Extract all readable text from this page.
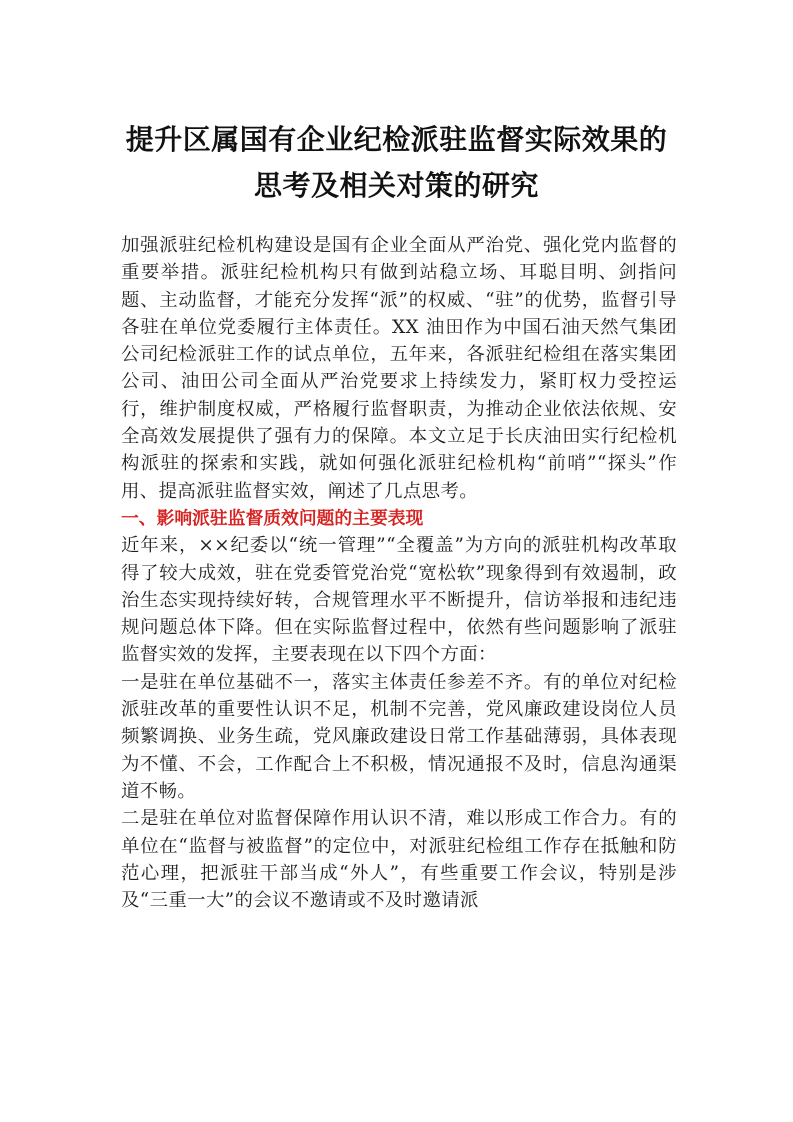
提升区属国有企业纪检派驻监督实际效果的
思考及相关对策的研究

加强派驻纪检机构建设是国有企业全面从严治党、强化党内监督的重要举措。派驻纪检机构只有做到站稳立场、耳聪目明、剑指问题、主动监督，才能充分发挥“派”的权威、“驻”的优势，监督引导各驻在单位党委履行主体责任。XX 油田作为中国石油天然气集团公司纪检派驻工作的试点单位，五年来，各派驻纪检组在落实集团公司、油田公司全面从严治党要求上持续发力，紧盯权力受控运行，维护制度权威，严格履行监督职责，为推动企业依法依规、安全高效发展提供了强有力的保障。本文立足于长庆油田实行纪检机构派驻的探索和实践，就如何强化派驻纪检机构“前哨”“探头”作用、提高派驻监督实效，阐述了几点思考。

一、影响派驻监督质效问题的主要表现

近年来，××纪委以“统一管理”“全覆盖”为方向的派驻机构改革取得了较大成效，驻在党委管党治党“宽松软”现象得到有效遏制，政治生态实现持续好转，合规管理水平不断提升，信访举报和违纪违规问题总体下降。但在实际监督过程中，依然有些问题影响了派驻监督实效的发挥，主要表现在以下四个方面：

一是驻在单位基础不一，落实主体责任参差不齐。有的单位对纪检派驻改革的重要性认识不足，机制不完善，党风廉政建设岗位人员频繁调换、业务生疏，党风廉政建设日常工作基础薄弱，具体表现为不懂、不会，工作配合上不积极，情况通报不及时，信息沟通渠道不畅。

二是驻在单位对监督保障作用认识不清，难以形成工作合力。有的单位在“监督与被监督”的定位中，对派驻纪检组工作存在抵触和防范心理，把派驻干部当成“外人”，有些重要工作会议，特别是涉及“三重一大”的会议不邀请或不及时邀请派
